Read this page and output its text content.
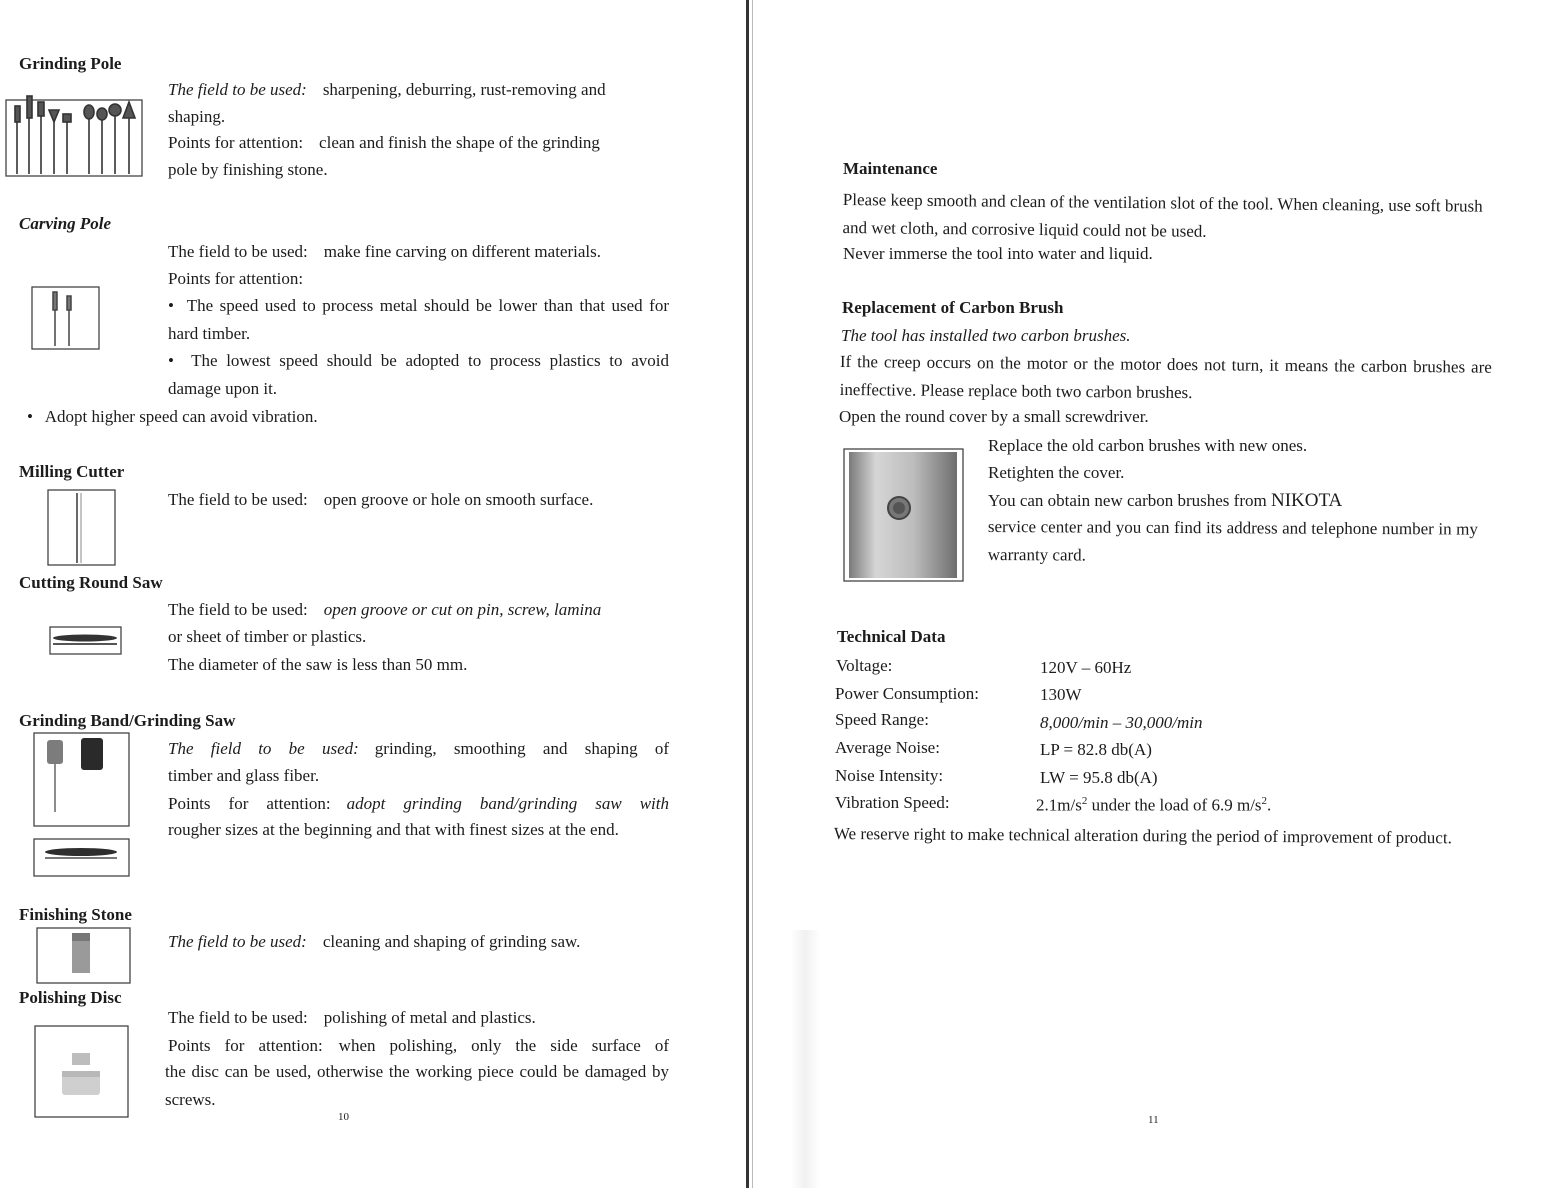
Grinding Pole
The field to be used: sharpening, deburring, rust-removing and
shaping.
Points for attention: clean and finish the shape of the grinding
pole by finishing stone.
Carving Pole
The field to be used: make fine carving on different materials.
Points for attention:
•  The speed used to process metal should be lower than that used for hard timber.
•  The lowest speed should be adopted to process plastics to avoid damage upon it.
•   Adopt higher speed can avoid vibration.
Milling Cutter
The field to be used: open groove or hole on smooth surface.
Cutting Round Saw
The field to be used: open groove or cut on pin, screw, lamina
or sheet of timber or plastics.
The diameter of the saw is less than 50 mm.
Grinding Band/Grinding Saw
The field to be used: grinding, smoothing and shaping of
timber and glass fiber.
Points for attention: adopt grinding band/grinding saw with
rougher sizes at the beginning and that with finest sizes at the end.
Finishing Stone
The field to be used: cleaning and shaping of grinding saw.
Polishing Disc
The field to be used: polishing of metal and plastics.
Points for attention: when polishing, only the side surface of
the disc can be used, otherwise the working piece could be damaged by screws.
10
Maintenance
Please keep smooth and clean of the ventilation slot of the tool. When cleaning, use soft brush and wet cloth, and corrosive liquid could not be used.
Never immerse the tool into water and liquid.
Replacement of Carbon Brush
The tool has installed two carbon brushes.
If the creep occurs on the motor or the motor does not turn, it means the carbon brushes are ineffective. Please replace both two carbon brushes.
Open the round cover by a small screwdriver.
Replace the old carbon brushes with new ones.
Retighten the cover.
You can obtain new carbon brushes from NIKOTA
service center and you can find its address and telephone number in my warranty card.
Technical Data
Voltage:	120V – 60Hz
Power Consumption:	130W
Speed Range:	8,000/min – 30,000/min
Average Noise:	LP = 82.8 db(A)
Noise Intensity:	LW = 95.8 db(A)
Vibration Speed:	$2.1m/s^2$ under the load of 6.9 $m/s^2$.
We reserve right to make technical alteration during the period of improvement of product.
11
